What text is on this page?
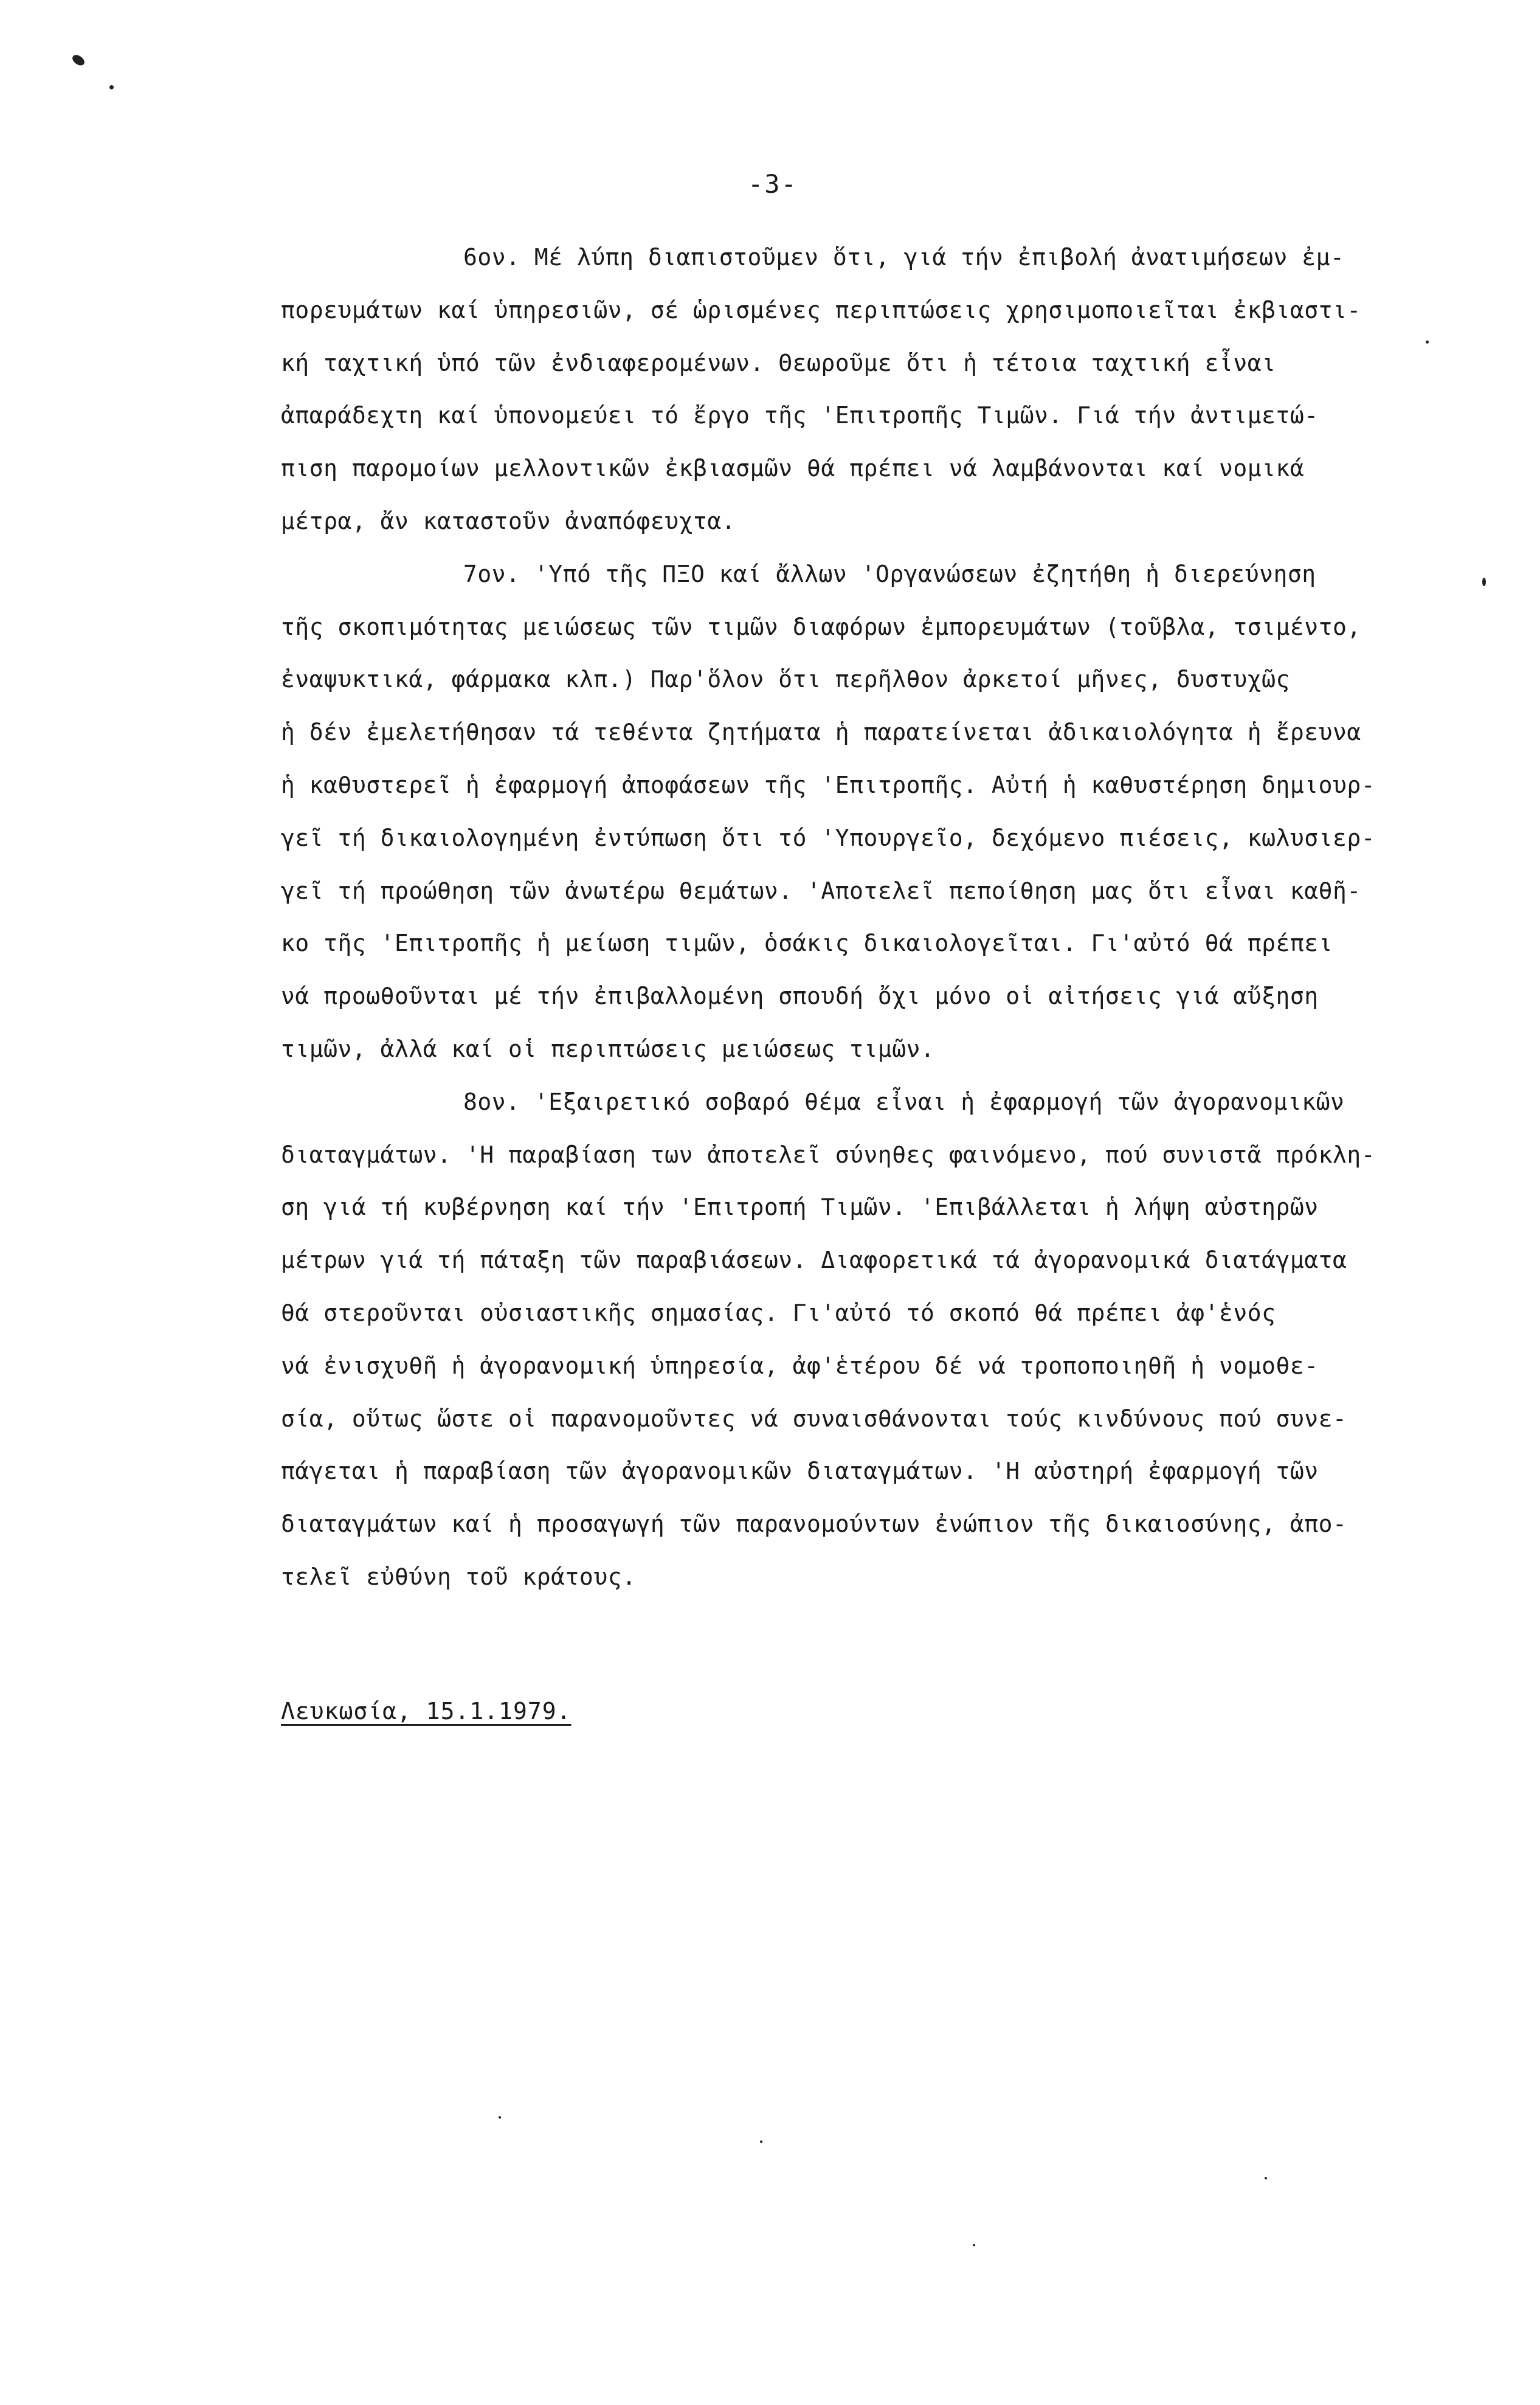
-3-
6ον. Μέ λύπη διαπιστοῦμεν ὅτι, γιά τήν ἐπιβολή ἀνατιμήσεων ἐμ-
πορευμάτων καί ὑπηρεσιῶν, σέ ὡρισμένες περιπτώσεις χρησιμοποιεῖται ἐκβιαστι-
κή ταχτική ὑπό τῶν ἐνδιαφερομένων. Θεωροῦμε ὅτι ἡ τέτοια ταχτική εἶναι
ἀπαράδεχτη καί ὑπονομεύει τό ἔργο τῆς 'Επιτροπῆς Τιμῶν. Γιά τήν ἀντιμετώ-
πιση παρομοίων μελλοντικῶν ἐκβιασμῶν θά πρέπει νά λαμβάνονται καί νομικά
μέτρα, ἄν καταστοῦν ἀναπόφευχτα.
7ον. 'Υπό τῆς ΠΞΟ καί ἄλλων 'Οργανώσεων ἐζητήθη ἡ διερεύνηση
τῆς σκοπιμότητας μειώσεως τῶν τιμῶν διαφόρων ἐμπορευμάτων (τοῦβλα, τσιμέντο,
ἐναψυκτικά, φάρμακα κλπ.) Παρ'ὅλον ὅτι περῆλθον ἀρκετοί μῆνες, δυστυχῶς
ἡ δέν ἐμελετήθησαν τά τεθέντα ζητήματα ἡ παρατείνεται ἀδικαιολόγητα ἡ ἔρευνα
ἡ καθυστερεῖ ἡ ἐφαρμογή ἀποφάσεων τῆς 'Επιτροπῆς. Αὐτή ἡ καθυστέρηση δημιουρ-
γεῖ τή δικαιολογημένη ἐντύπωση ὅτι τό 'Υπουργεῖο, δεχόμενο πιέσεις, κωλυσιερ-
γεῖ τή προώθηση τῶν ἀνωτέρω θεμάτων. 'Αποτελεῖ πεποίθηση μας ὅτι εἶναι καθῆ-
κο τῆς 'Επιτροπῆς ἡ μείωση τιμῶν, ὁσάκις δικαιολογεῖται. Γι'αὐτό θά πρέπει
νά προωθοῦνται μέ τήν ἐπιβαλλομένη σπουδή ὄχι μόνο οἱ αἰτήσεις γιά αὔξηση
τιμῶν, ἀλλά καί οἱ περιπτώσεις μειώσεως τιμῶν.
8ον. 'Εξαιρετικό σοβαρό θέμα εἶναι ἡ ἐφαρμογή τῶν ἀγορανομικῶν
διαταγμάτων. 'Η παραβίαση των ἀποτελεῖ σύνηθες φαινόμενο, πού συνιστᾶ πρόκλη-
ση γιά τή κυβέρνηση καί τήν 'Επιτροπή Τιμῶν. 'Επιβάλλεται ἡ λήψη αὐστηρῶν
μέτρων γιά τή πάταξη τῶν παραβιάσεων. Διαφορετικά τά ἀγορανομικά διατάγματα
θά στεροῦνται οὐσιαστικῆς σημασίας. Γι'αὐτό τό σκοπό θά πρέπει ἀφ'ἑνός
νά ἐνισχυθῆ ἡ ἀγορανομική ὑπηρεσία, ἀφ'ἑτέρου δέ νά τροποποιηθῆ ἡ νομοθε-
σία, οὕτως ὥστε οἱ παρανομοῦντες νά συναισθάνονται τούς κινδύνους πού συνε-
πάγεται ἡ παραβίαση τῶν ἀγορανομικῶν διαταγμάτων. 'Η αὐστηρή ἐφαρμογή τῶν
διαταγμάτων καί ἡ προσαγωγή τῶν παρανομούντων ἐνώπιον τῆς δικαιοσύνης, ἀπο-
τελεῖ εὐθύνη τοῦ κράτους.
Λευκωσία, 15.1.1979.
